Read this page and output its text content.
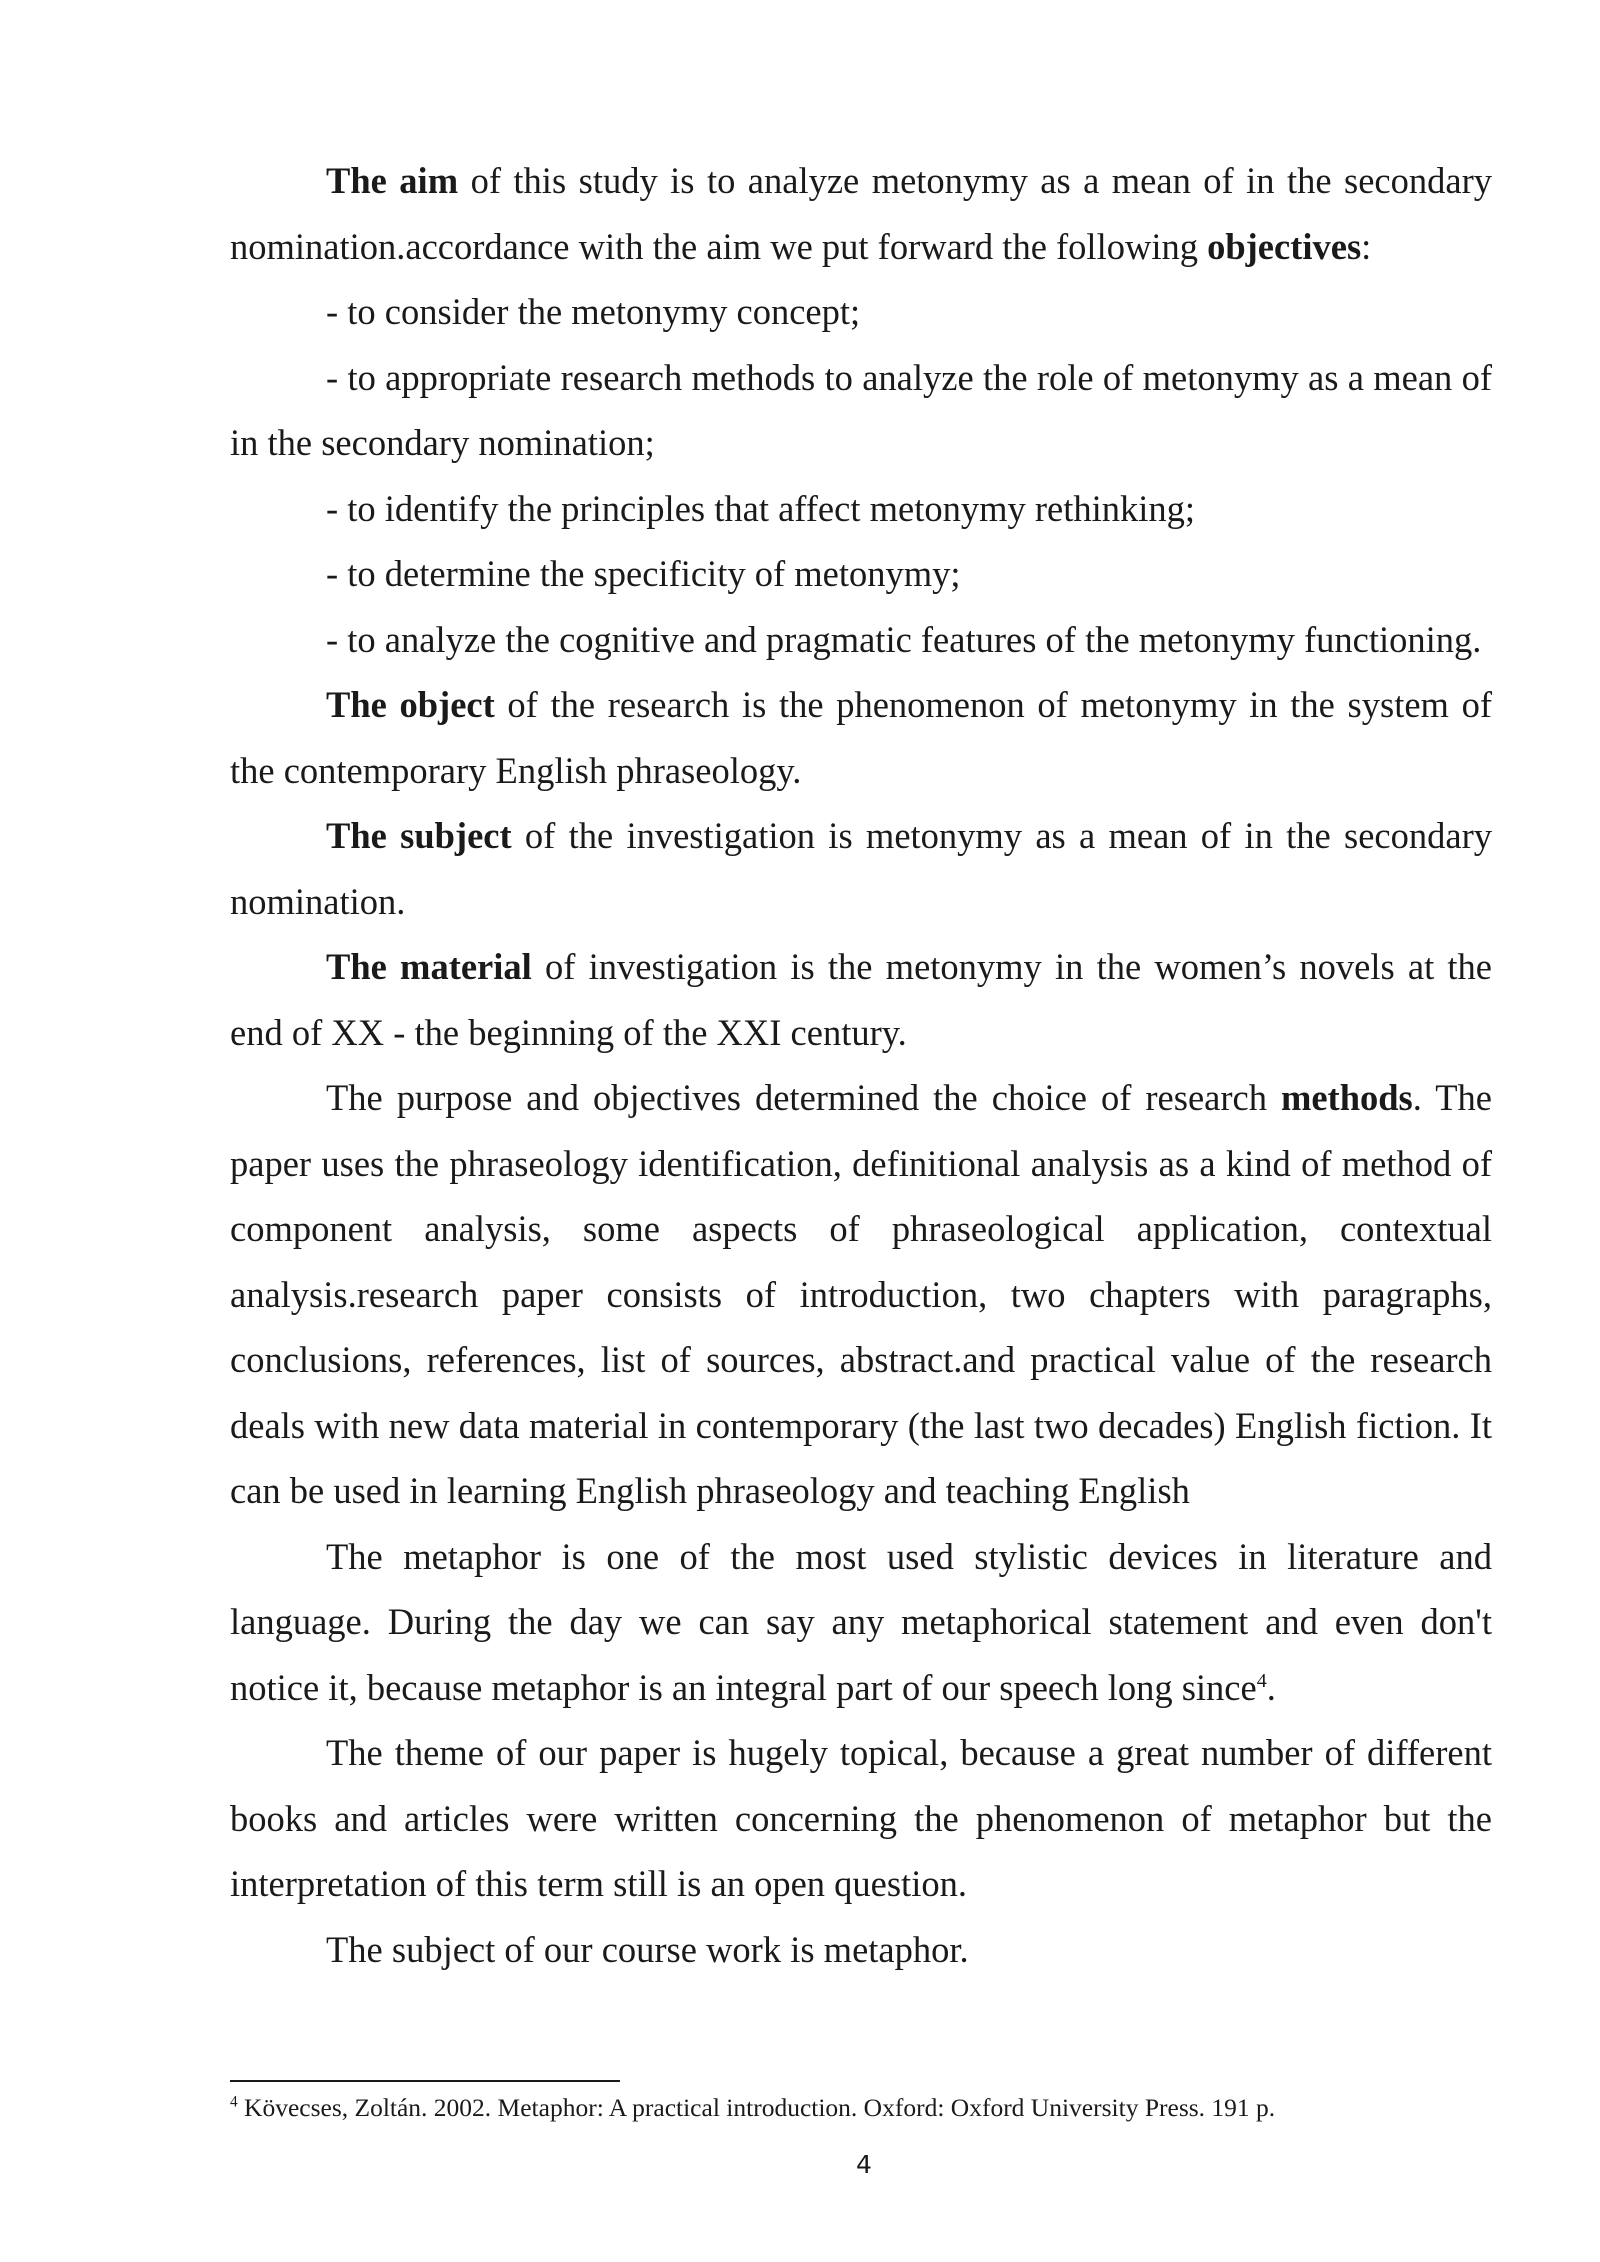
The aim of this study is to analyze metonymy as a mean of in the secondary nomination.accordance with the aim we put forward the following objectives:

- to consider the metonymy concept;

- to appropriate research methods to analyze the role of metonymy as a mean of in the secondary nomination;

- to identify the principles that affect metonymy rethinking;

- to determine the specificity of metonymy;

- to analyze the cognitive and pragmatic features of the metonymy functioning.

The object of the research is the phenomenon of metonymy in the system of the contemporary English phraseology.

The subject of the investigation is metonymy as a mean of in the secondary nomination.

The material of investigation is the metonymy in the women’s novels at the end of XX - the beginning of the XXI century.

The purpose and objectives determined the choice of research methods. The paper uses the phraseology identification, definitional analysis as a kind of method of component analysis, some aspects of phraseological application, contextual analysis.research paper consists of introduction, two chapters with paragraphs, conclusions, references, list of sources, abstract.and practical value of the research deals with new data material in contemporary (the last two decades) English fiction. It can be used in learning English phraseology and teaching English

The metaphor is one of the most used stylistic devices in literature and language. During the day we can say any metaphorical statement and even don't notice it, because metaphor is an integral part of our speech long since$^4$.

The theme of our paper is hugely topical, because a great number of different books and articles were written concerning the phenomenon of metaphor but the interpretation of this term still is an open question.

The subject of our course work is metaphor.

$^4$ Kövecses, Zoltán. 2002. Metaphor: A practical introduction. Oxford: Oxford University Press. 191 p.
4
